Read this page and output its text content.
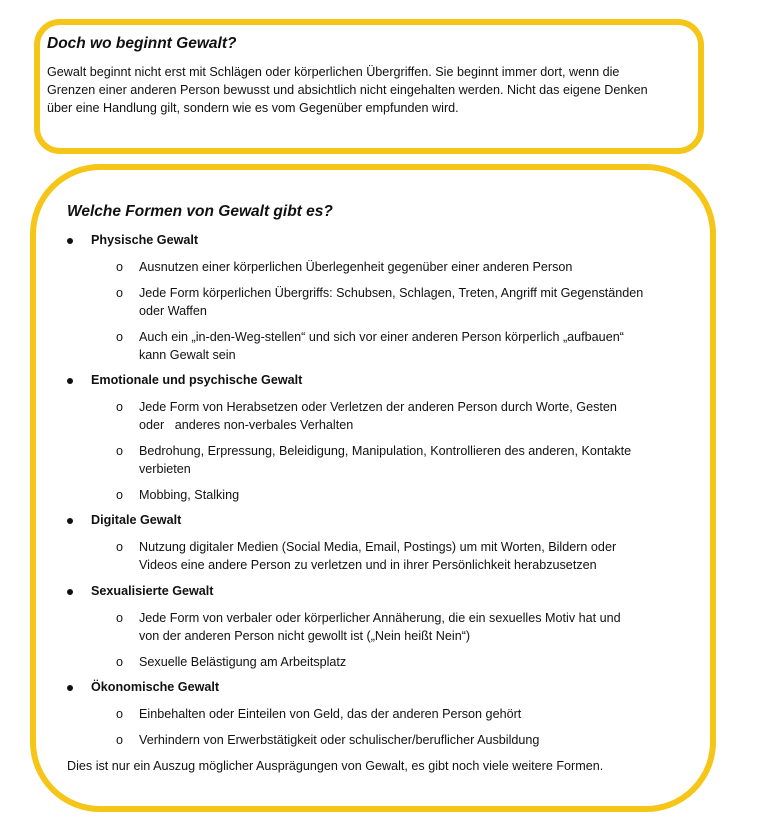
Doch wo beginnt Gewalt?
Gewalt beginnt nicht erst mit Schlägen oder körperlichen Übergriffen. Sie beginnt immer dort, wenn die
Grenzen einer anderen Person bewusst und absichtlich nicht eingehalten werden. Nicht das eigene Denken
über eine Handlung gilt, sondern wie es vom Gegenüber empfunden wird.
Welche Formen von Gewalt gibt es?
Physische Gewalt
o Ausnutzen einer körperlichen Überlegenheit gegenüber einer anderen Person
o Jede Form körperlichen Übergriffs: Schubsen, Schlagen, Treten, Angriff mit Gegenständen
oder Waffen
o Auch ein „in-den-Weg-stellen“ und sich vor einer anderen Person körperlich „aufbauen“
kann Gewalt sein
Emotionale und psychische Gewalt
o Jede Form von Herabsetzen oder Verletzen der anderen Person durch Worte, Gesten
oder   anderes non-verbales Verhalten
o Bedrohung, Erpressung, Beleidigung, Manipulation, Kontrollieren des anderen, Kontakte
verbieten
o Mobbing, Stalking
Digitale Gewalt
o Nutzung digitaler Medien (Social Media, Email, Postings) um mit Worten, Bildern oder
Videos eine andere Person zu verletzen und in ihrer Persönlichkeit herabzusetzen
Sexualisierte Gewalt
o Jede Form von verbaler oder körperlicher Annäherung, die ein sexuelles Motiv hat und
von der anderen Person nicht gewollt ist („Nein heißt Nein“)
o Sexuelle Belästigung am Arbeitsplatz
Ökonomische Gewalt
o Einbehalten oder Einteilen von Geld, das der anderen Person gehört
o Verhindern von Erwerbstätigkeit oder schulischer/beruflicher Ausbildung
Dies ist nur ein Auszug möglicher Ausprägungen von Gewalt, es gibt noch viele weitere Formen.
